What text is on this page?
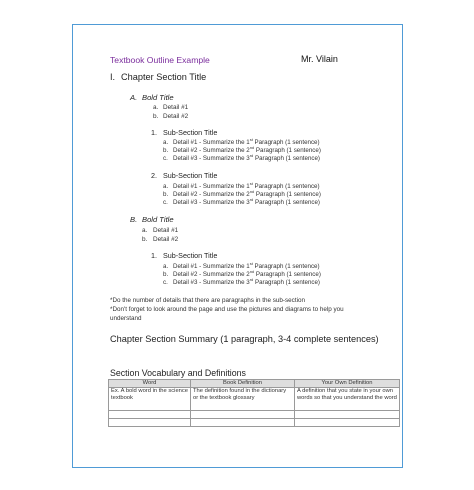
Textbook Outline Example	Mr. Vilain
I. Chapter Section Title
A. Bold Title
a. Detail #1
b. Detail #2
1. Sub-Section Title
a. Detail #1 - Summarize the 1st Paragraph (1 sentence)
b. Detail #2 - Summarize the 2nd Paragraph (1 sentence)
c. Detail #3 - Summarize the 3rd Paragraph (1 sentence)
2. Sub-Section Title
a. Detail #1 - Summarize the 1st Paragraph (1 sentence)
b. Detail #2 - Summarize the 2nd Paragraph (1 sentence)
c. Detail #3 - Summarize the 3rd Paragraph (1 sentence)
B. Bold Title
a. Detail #1
b. Detail #2
1. Sub-Section Title
a. Detail #1 - Summarize the 1st Paragraph (1 sentence)
b. Detail #2 - Summarize the 2nd Paragraph (1 sentence)
c. Detail #3 - Summarize the 3rd Paragraph (1 sentence)
*Do the number of details that there are paragraphs in the sub-section
*Don't forget to look around the page and use the pictures and diagrams to help you
understand
Chapter Section Summary (1 paragraph, 3-4 complete sentences)
Section Vocabulary and Definitions
Word	Book Definition	Your Own Definition
Ex. A bold word in the science textbook	The definition found in the dictionary or the textbook glossary	A definition that you state in your own words so that you understand the word
